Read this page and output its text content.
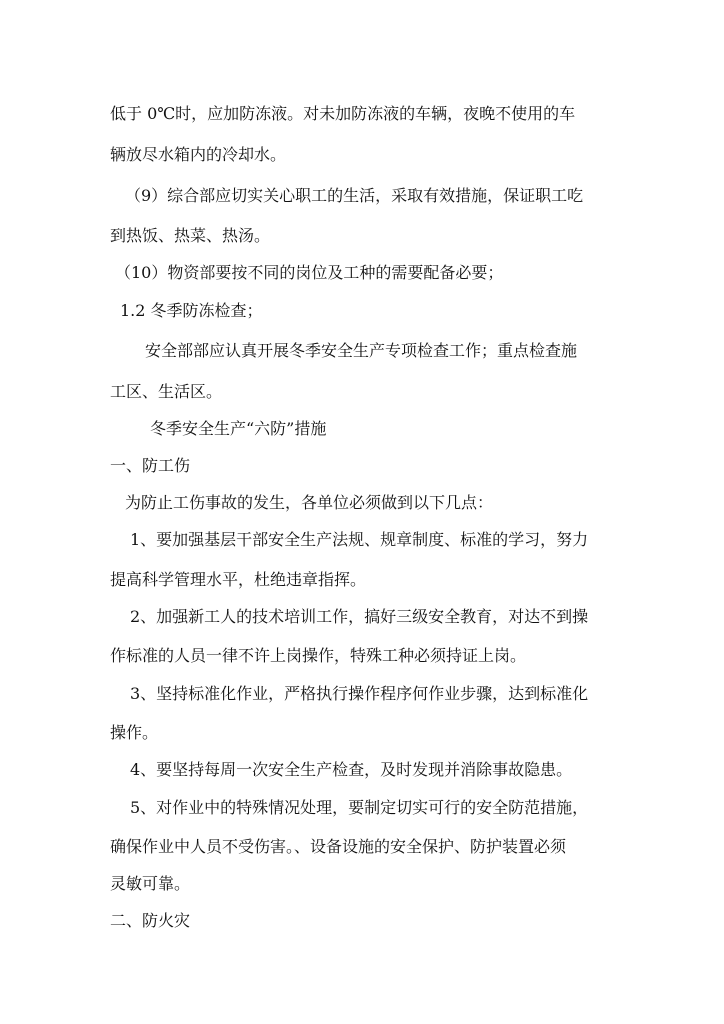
低于 0℃时，应加防冻液。对未加防冻液的车辆，夜晚不使用的车
辆放尽水箱内的冷却水。
（9）综合部应切实关心职工的生活，采取有效措施，保证职工吃
到热饭、热菜、热汤。
（10）物资部要按不同的岗位及工种的需要配备必要；
1.2 冬季防冻检查；
安全部部应认真开展冬季安全生产专项检查工作；重点检查施
工区、生活区。
冬季安全生产“六防”措施
一、防工伤
为防止工伤事故的发生，各单位必须做到以下几点：
1、要加强基层干部安全生产法规、规章制度、标准的学习，努力
提高科学管理水平，杜绝违章指挥。
2、加强新工人的技术培训工作，搞好三级安全教育，对达不到操
作标准的人员一律不许上岗操作，特殊工种必须持证上岗。
3、坚持标准化作业，严格执行操作程序何作业步骤，达到标准化
操作。
4、要坚持每周一次安全生产检查，及时发现并消除事故隐患。
5、对作业中的特殊情况处理，要制定切实可行的安全防范措施，
确保作业中人员不受伤害。、设备设施的安全保护、防护装置必须
灵敏可靠。
二、防火灾
